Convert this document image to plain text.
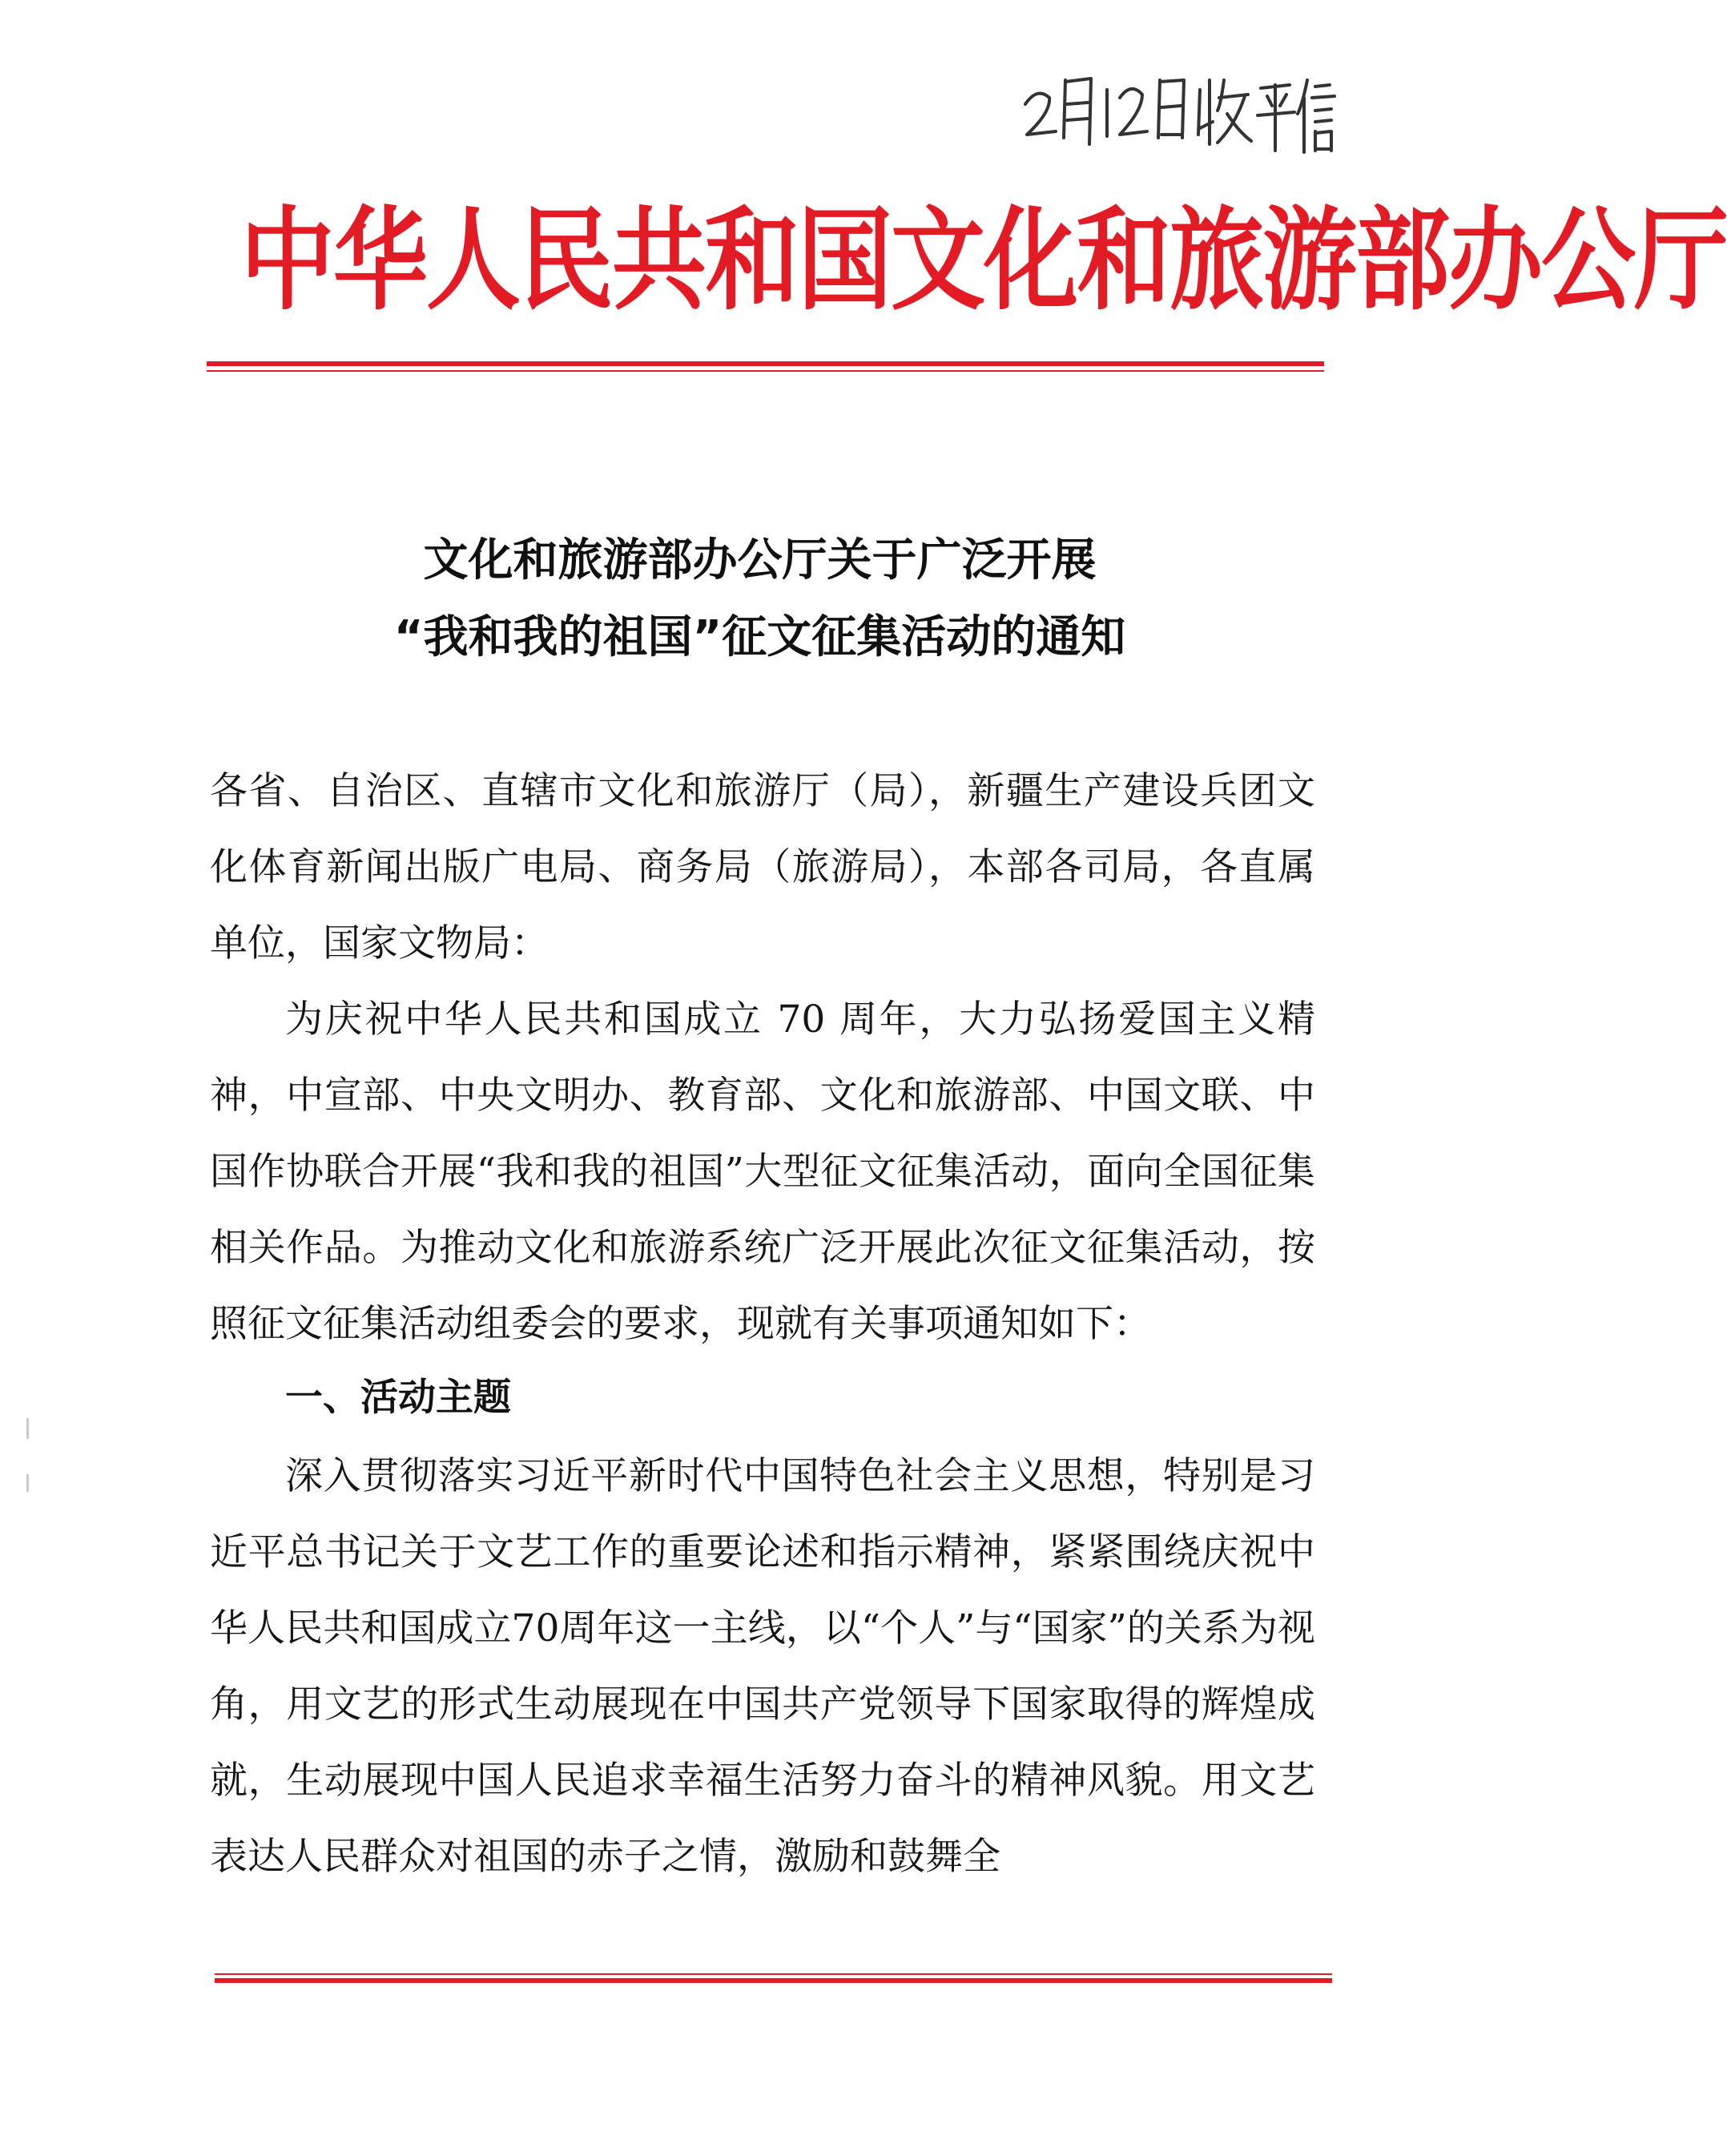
中华人民共和国文化和旅游部办公厅
文化和旅游部办公厅关于广泛开展
“我和我的祖国”征文征集活动的通知

各省、自治区、直辖市文化和旅游厅（局），新疆生产建设兵团文化体育新闻出版广电局、商务局（旅游局），本部各司局，各直属单位，国家文物局：

为庆祝中华人民共和国成立 70 周年，大力弘扬爱国主义精神，中宣部、中央文明办、教育部、文化和旅游部、中国文联、中国作协联合开展“我和我的祖国”大型征文征集活动，面向全国征集相关作品。为推动文化和旅游系统广泛开展此次征文征集活动，按照征文征集活动组委会的要求，现就有关事项通知如下：

一、活动主题

深入贯彻落实习近平新时代中国特色社会主义思想，特别是习近平总书记关于文艺工作的重要论述和指示精神，紧紧围绕庆祝中华人民共和国成立70周年这一主线，以“个人”与“国家”的关系为视角，用文艺的形式生动展现在中国共产党领导下国家取得的辉煌成就，生动展现中国人民追求幸福生活努力奋斗的精神风貌。用文艺表达人民群众对祖国的赤子之情，激励和鼓舞全
